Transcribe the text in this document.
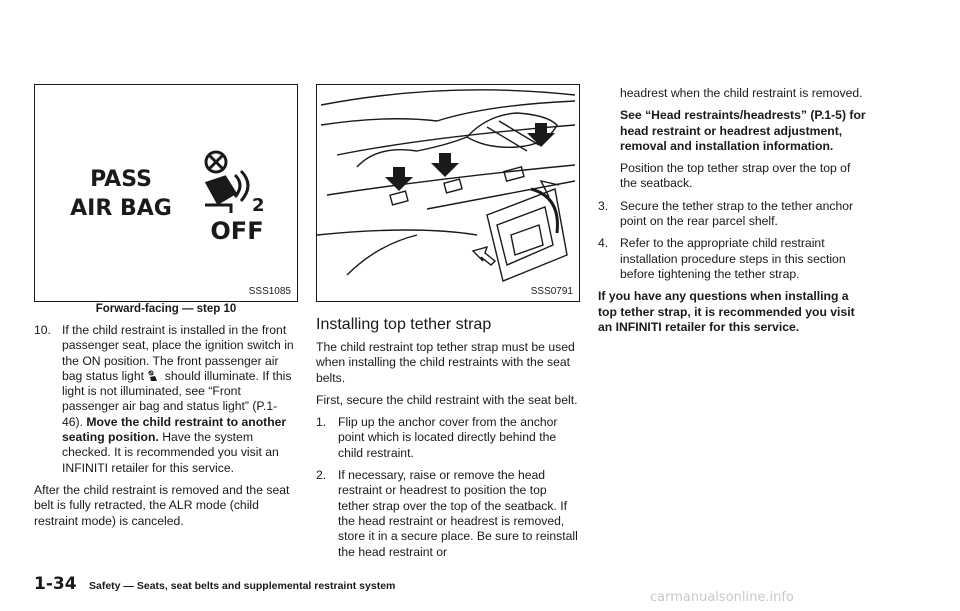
PASS
AIR BAG	2
OFF
SSS1085
Forward-facing — step 10
SSS0791
10. If the child restraint is installed in the front passenger seat, place the ignition switch in the ON position. The front passenger air bag status light should illuminate. If this light is not illuminated, see “Front passenger air bag and status light” (P.1-46). Move the child restraint to another seating position. Have the system checked. It is recommended you visit an INFINITI retailer for this service.

After the child restraint is removed and the seat belt is fully retracted, the ALR mode (child restraint mode) is canceled.

Installing top tether strap

The child restraint top tether strap must be used when installing the child restraints with the seat belts.

First, secure the child restraint with the seat belt.

1. Flip up the anchor cover from the anchor point which is located directly behind the child restraint.
2. If necessary, raise or remove the head restraint or headrest to position the top tether strap over the top of the seatback. If the head restraint or headrest is removed, store it in a secure place. Be sure to reinstall the head restraint or
headrest when the child restraint is removed.
See “Head restraints/headrests” (P.1-5) for head restraint or headrest adjustment, removal and installation information.
Position the top tether strap over the top of the seatback.
3. Secure the tether strap to the tether anchor point on the rear parcel shelf.
4. Refer to the appropriate child restraint installation procedure steps in this section before tightening the tether strap.

If you have any questions when installing a top tether strap, it is recommended you visit an INFINITI retailer for this service.

1-34 Safety — Seats, seat belts and supplemental restraint system
carmanualsonline.info
